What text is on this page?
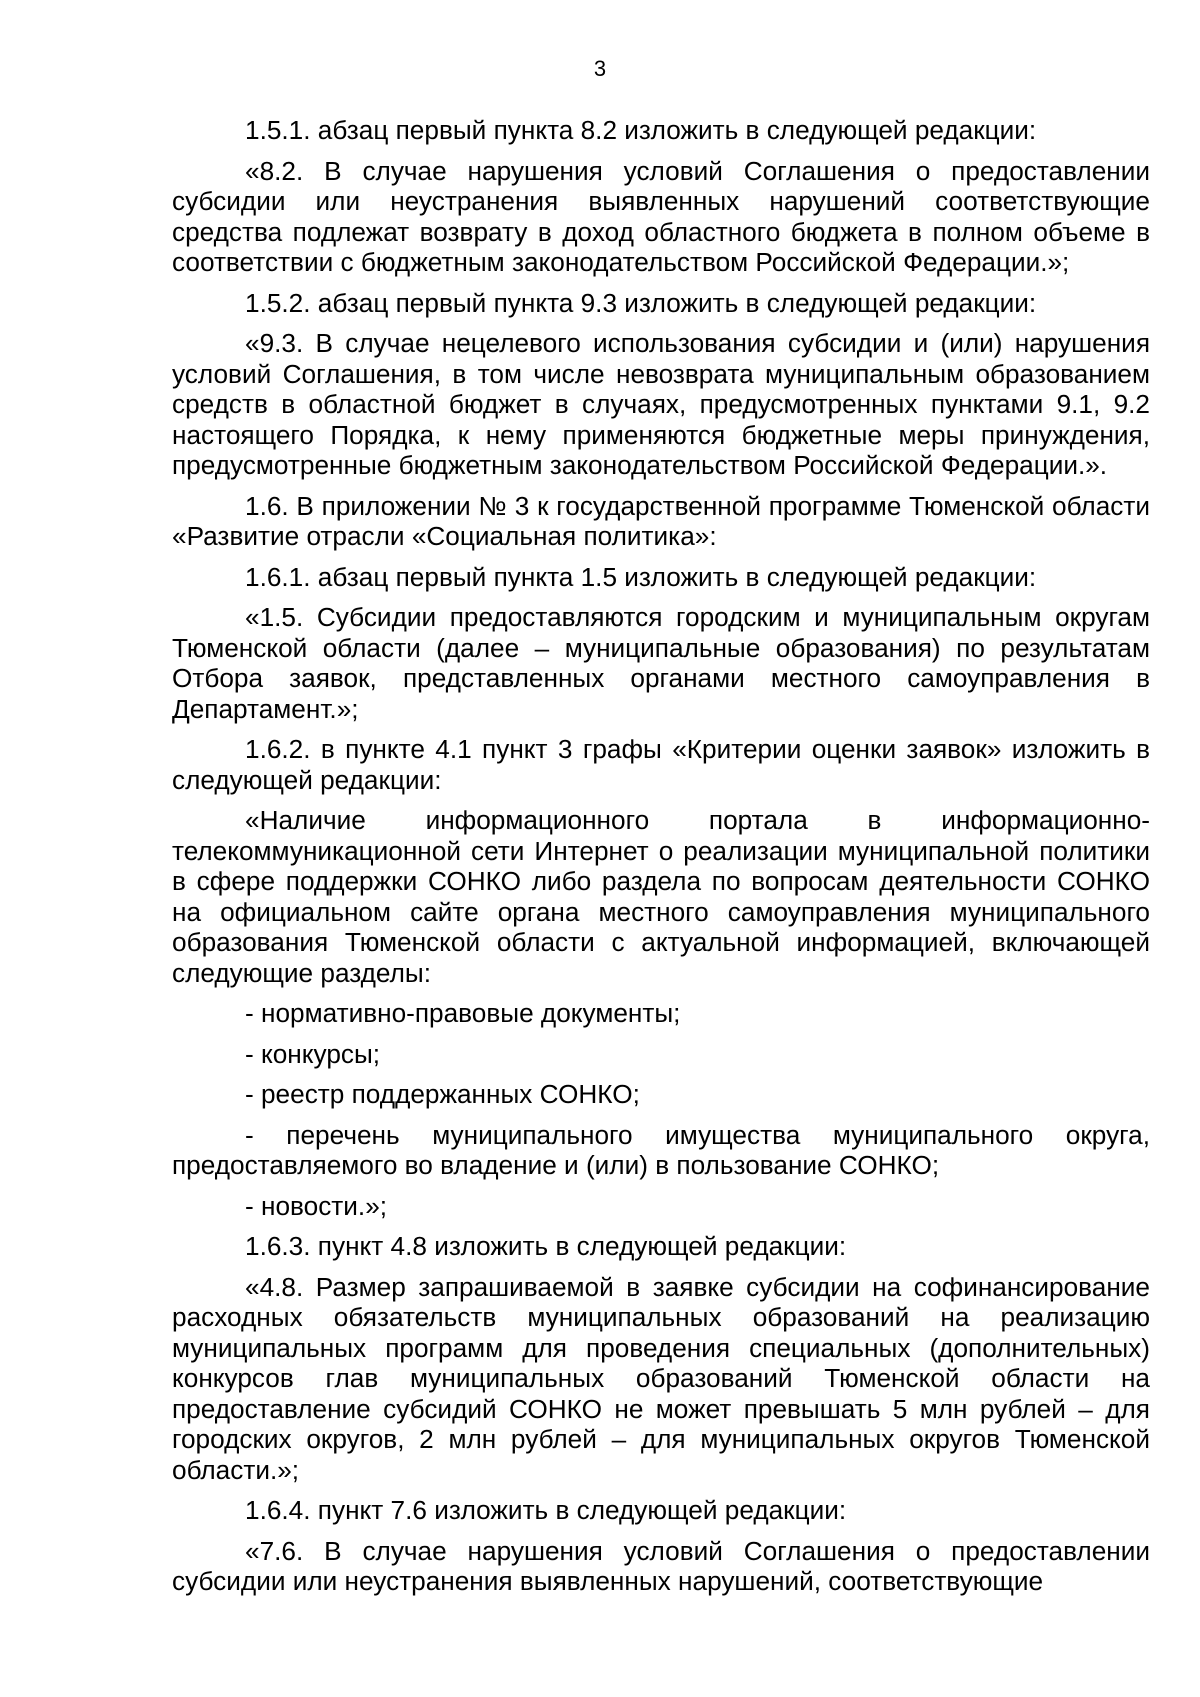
3

1.5.1. абзац первый пункта 8.2 изложить в следующей редакции:

«8.2. В случае нарушения условий Соглашения о предоставлении субсидии или неустранения выявленных нарушений соответствующие средства подлежат возврату в доход областного бюджета в полном объеме в соответствии с бюджетным законодательством Российской Федерации.»;

1.5.2. абзац первый пункта 9.3 изложить в следующей редакции:

«9.3. В случае нецелевого использования субсидии и (или) нарушения условий Соглашения, в том числе невозврата муниципальным образованием средств в областной бюджет в случаях, предусмотренных пунктами 9.1, 9.2 настоящего Порядка, к нему применяются бюджетные меры принуждения, предусмотренные бюджетным законодательством Российской Федерации.».

1.6. В приложении № 3 к государственной программе Тюменской области «Развитие отрасли «Социальная политика»:

1.6.1. абзац первый пункта 1.5 изложить в следующей редакции:

«1.5. Субсидии предоставляются городским и муниципальным округам Тюменской области (далее – муниципальные образования) по результатам Отбора заявок, представленных органами местного самоуправления в Департамент.»;

1.6.2. в пункте 4.1 пункт 3 графы «Критерии оценки заявок» изложить в следующей редакции:

«Наличие информационного портала в информационно-телекоммуникационной сети Интернет о реализации муниципальной политики в сфере поддержки СОНКО либо раздела по вопросам деятельности СОНКО на официальном сайте органа местного самоуправления муниципального образования Тюменской области с актуальной информацией, включающей следующие разделы:

- нормативно-правовые документы;

- конкурсы;

- реестр поддержанных СОНКО;

- перечень муниципального имущества муниципального округа, предоставляемого во владение и (или) в пользование СОНКО;

- новости.»;

1.6.3. пункт 4.8 изложить в следующей редакции:

«4.8. Размер запрашиваемой в заявке субсидии на софинансирование расходных обязательств муниципальных образований на реализацию муниципальных программ для проведения специальных (дополнительных) конкурсов глав муниципальных образований Тюменской области на предоставление субсидий СОНКО не может превышать 5 млн рублей – для городских округов, 2 млн рублей – для муниципальных округов Тюменской области.»;

1.6.4. пункт 7.6 изложить в следующей редакции:

«7.6. В случае нарушения условий Соглашения о предоставлении субсидии или неустранения выявленных нарушений, соответствующие
